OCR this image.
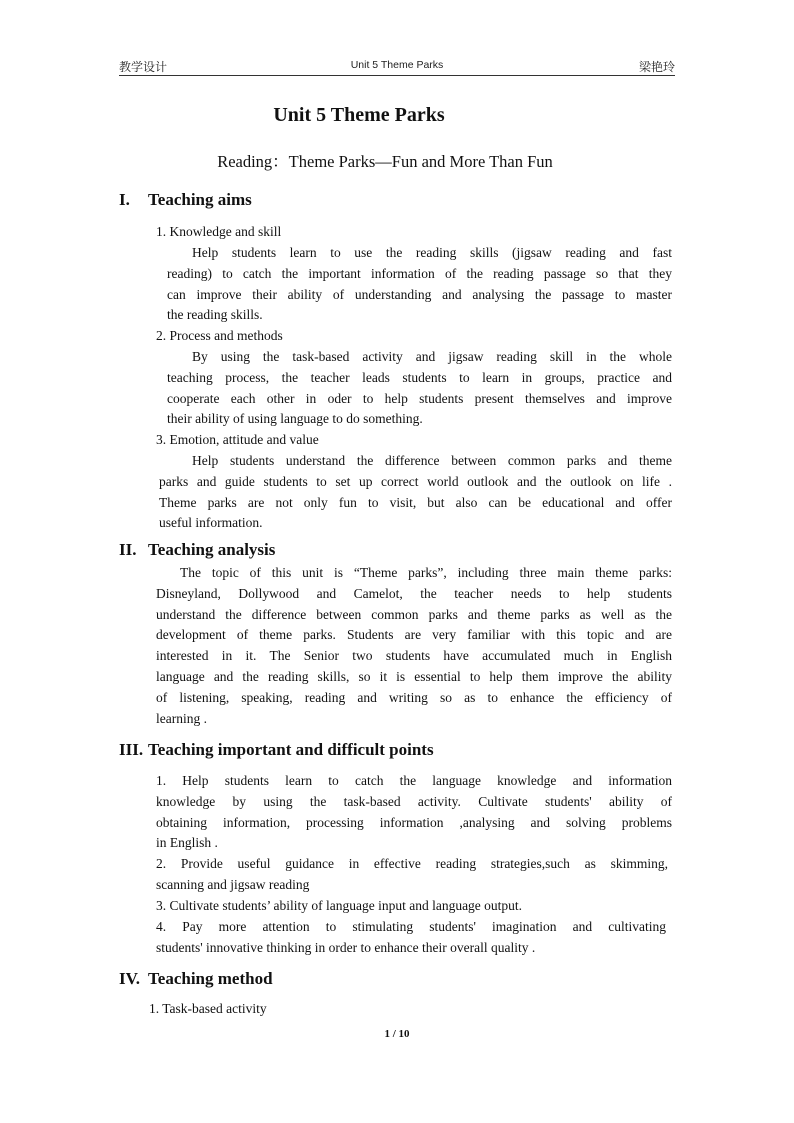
教学设计	Unit 5 Theme Parks	梁艳玲
Unit 5 Theme Parks
Reading：Theme Parks—Fun and More Than Fun
I. Teaching aims
1. Knowledge and skill
Help students learn to use the reading skills (jigsaw reading and fast
reading) to catch the important information of the reading passage so that they
can improve their ability of understanding and analysing the passage to master
the reading skills.
2. Process and methods
By using the task-based activity and jigsaw reading skill in the whole
teaching process, the teacher leads students to learn in groups, practice and
cooperate each other in oder to help students present themselves and improve
their ability of using language to do something.
3. Emotion, attitude and value
Help students understand the difference between common parks and theme
parks and guide students to set up correct world outlook and the outlook on life .
Theme parks are not only fun to visit, but also can be educational and offer
useful information.
II. Teaching analysis
The topic of this unit is “Theme parks”, including three main theme parks:
Disneyland, Dollywood and Camelot, the teacher needs to help students
understand the difference between common parks and theme parks as well as the
development of theme parks. Students are very familiar with this topic and are
interested in it. The Senior two students have accumulated much in English
language and the reading skills, so it is essential to help them improve the ability
of listening, speaking, reading and writing so as to enhance the efficiency of
learning .
III. Teaching important and difficult points
1. Help students learn to catch the language knowledge and information
knowledge by using the task-based activity. Cultivate students' ability of
obtaining information, processing information ,analysing and solving problems
in English .
2. Provide useful guidance in effective reading strategies,such as skimming,
scanning and jigsaw reading
3. Cultivate students’ ability of language input and language output.
4. Pay more attention to stimulating students' imagination and cultivating
students' innovative thinking in order to enhance their overall quality .
IV. Teaching method
1. Task-based activity
1 / 10
